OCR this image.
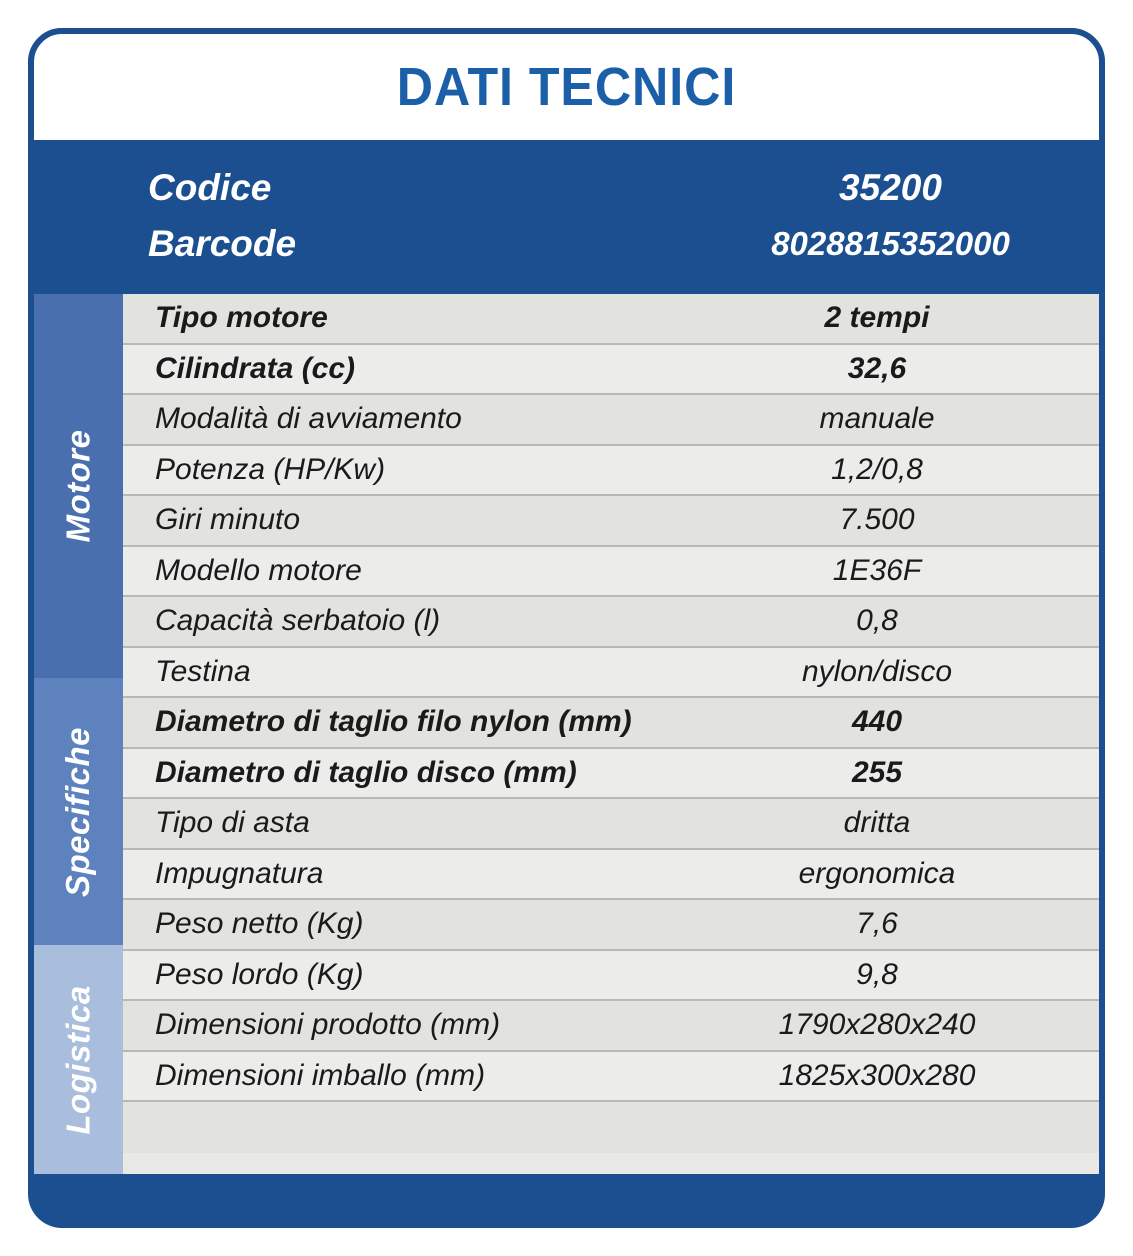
DATI TECNICI
Codice	35200
Barcode	8028815352000
Motore
Specifiche
Logistica
Tipo motore	2 tempi
Cilindrata (cc)	32,6
Modalità di avviamento	manuale
Potenza (HP/Kw)	1,2/0,8
Giri minuto	7.500
Modello motore	1E36F
Capacità serbatoio (l)	0,8
Testina	nylon/disco
Diametro di taglio filo nylon (mm)	440
Diametro di taglio disco (mm)	255
Tipo di asta	dritta
Impugnatura	ergonomica
Peso netto (Kg)	7,6
Peso lordo (Kg)	9,8
Dimensioni prodotto (mm)	1790x280x240
Dimensioni imballo (mm)	1825x300x280
